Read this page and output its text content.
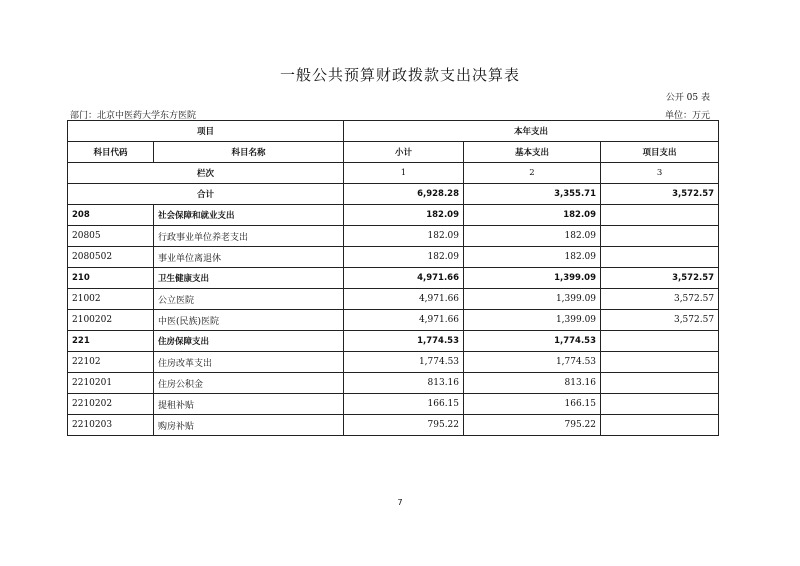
一般公共预算财政拨款支出决算表
公开 05 表
部门：北京中医药大学东方医院	单位：万元
项目		本年支出		
科目代码	科目名称	小计	基本支出	项目支出
栏次		1	2	3
合计		6,928.28	3,355.71	3,572.57
208	社会保障和就业支出	182.09	182.09	
20805	行政事业单位养老支出	182.09	182.09	
2080502	事业单位离退休	182.09	182.09	
210	卫生健康支出	4,971.66	1,399.09	3,572.57
21002	公立医院	4,971.66	1,399.09	3,572.57
2100202	中医(民族)医院	4,971.66	1,399.09	3,572.57
221	住房保障支出	1,774.53	1,774.53	
22102	住房改革支出	1,774.53	1,774.53	
2210201	住房公积金	813.16	813.16	
2210202	提租补贴	166.15	166.15	
2210203	购房补贴	795.22	795.22	
7
